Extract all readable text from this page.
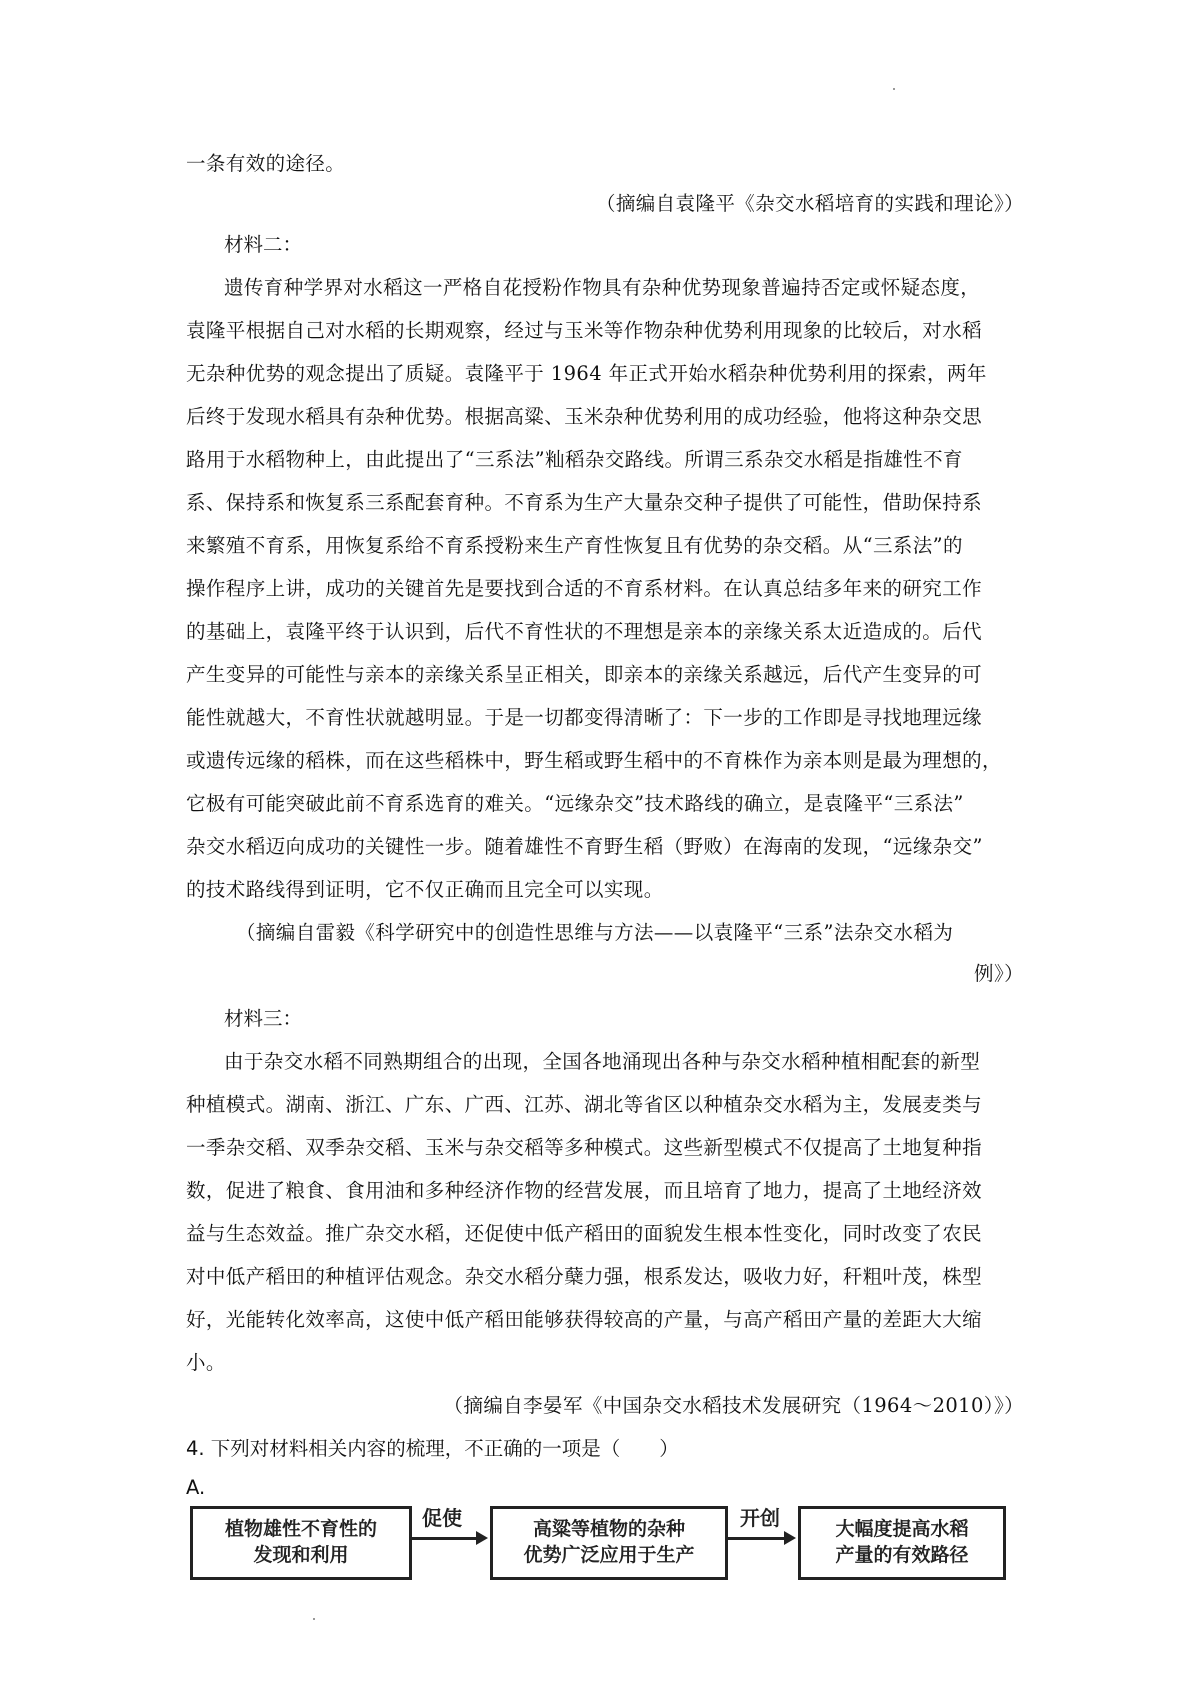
一条有效的途径。
（摘编自袁隆平《杂交水稻培育的实践和理论》）
材料二：
遗传育种学界对水稻这一严格自花授粉作物具有杂种优势现象普遍持否定或怀疑态度，
袁隆平根据自己对水稻的长期观察，经过与玉米等作物杂种优势利用现象的比较后，对水稻
无杂种优势的观念提出了质疑。袁隆平于 1964 年正式开始水稻杂种优势利用的探索，两年
后终于发现水稻具有杂种优势。根据高粱、玉米杂种优势利用的成功经验，他将这种杂交思
路用于水稻物种上，由此提出了“三系法”籼稻杂交路线。所谓三系杂交水稻是指雄性不育
系、保持系和恢复系三系配套育种。不育系为生产大量杂交种子提供了可能性，借助保持系
来繁殖不育系，用恢复系给不育系授粉来生产育性恢复且有优势的杂交稻。从“三系法”的
操作程序上讲，成功的关键首先是要找到合适的不育系材料。在认真总结多年来的研究工作
的基础上，袁隆平终于认识到，后代不育性状的不理想是亲本的亲缘关系太近造成的。后代
产生变异的可能性与亲本的亲缘关系呈正相关，即亲本的亲缘关系越远，后代产生变异的可
能性就越大，不育性状就越明显。于是一切都变得清晰了：下一步的工作即是寻找地理远缘
或遗传远缘的稻株，而在这些稻株中，野生稻或野生稻中的不育株作为亲本则是最为理想的，
它极有可能突破此前不育系选育的难关。“远缘杂交”技术路线的确立，是袁隆平“三系法”
杂交水稻迈向成功的关键性一步。随着雄性不育野生稻（野败）在海南的发现，“远缘杂交”
的技术路线得到证明，它不仅正确而且完全可以实现。
（摘编自雷毅《科学研究中的创造性思维与方法——以袁隆平“三系”法杂交水稻为
例》）
材料三：
由于杂交水稻不同熟期组合的出现，全国各地涌现出各种与杂交水稻种植相配套的新型
种植模式。湖南、浙江、广东、广西、江苏、湖北等省区以种植杂交水稻为主，发展麦类与
一季杂交稻、双季杂交稻、玉米与杂交稻等多种模式。这些新型模式不仅提高了土地复种指
数，促进了粮食、食用油和多种经济作物的经营发展，而且培育了地力，提高了土地经济效
益与生态效益。推广杂交水稻，还促使中低产稻田的面貌发生根本性变化，同时改变了农民
对中低产稻田的种植评估观念。杂交水稻分蘖力强，根系发达，吸收力好，秆粗叶茂，株型
好，光能转化效率高，这使中低产稻田能够获得较高的产量，与高产稻田产量的差距大大缩
小。
（摘编自李晏军《中国杂交水稻技术发展研究（1964～2010）》）
4. 下列对材料相关内容的梳理，不正确的一项是（　　）
A.
植物雄性不育性的
发现和利用
促使	高粱等植物的杂种
优势广泛应用于生产
开创	大幅度提高水稻
产量的有效路径
